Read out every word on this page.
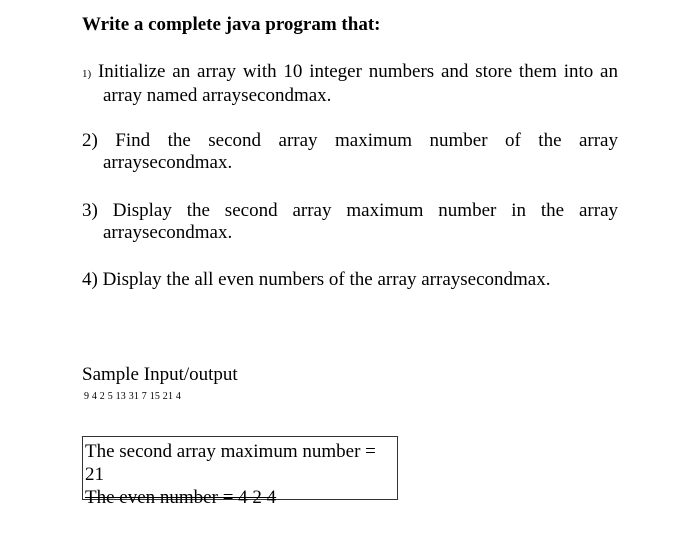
Write a complete java program that:
1) Initialize an array with 10 integer numbers and store them into an
array named arraysecondmax.
2) Find the second array maximum number of the array
arraysecondmax.
3) Display the second array maximum number in the array
arraysecondmax.
4) Display the all even numbers of the array arraysecondmax.
Sample Input/output
9 4 2 5 13 31 7 15 21 4
The second array maximum number =
21
The even number = 4 2 4
